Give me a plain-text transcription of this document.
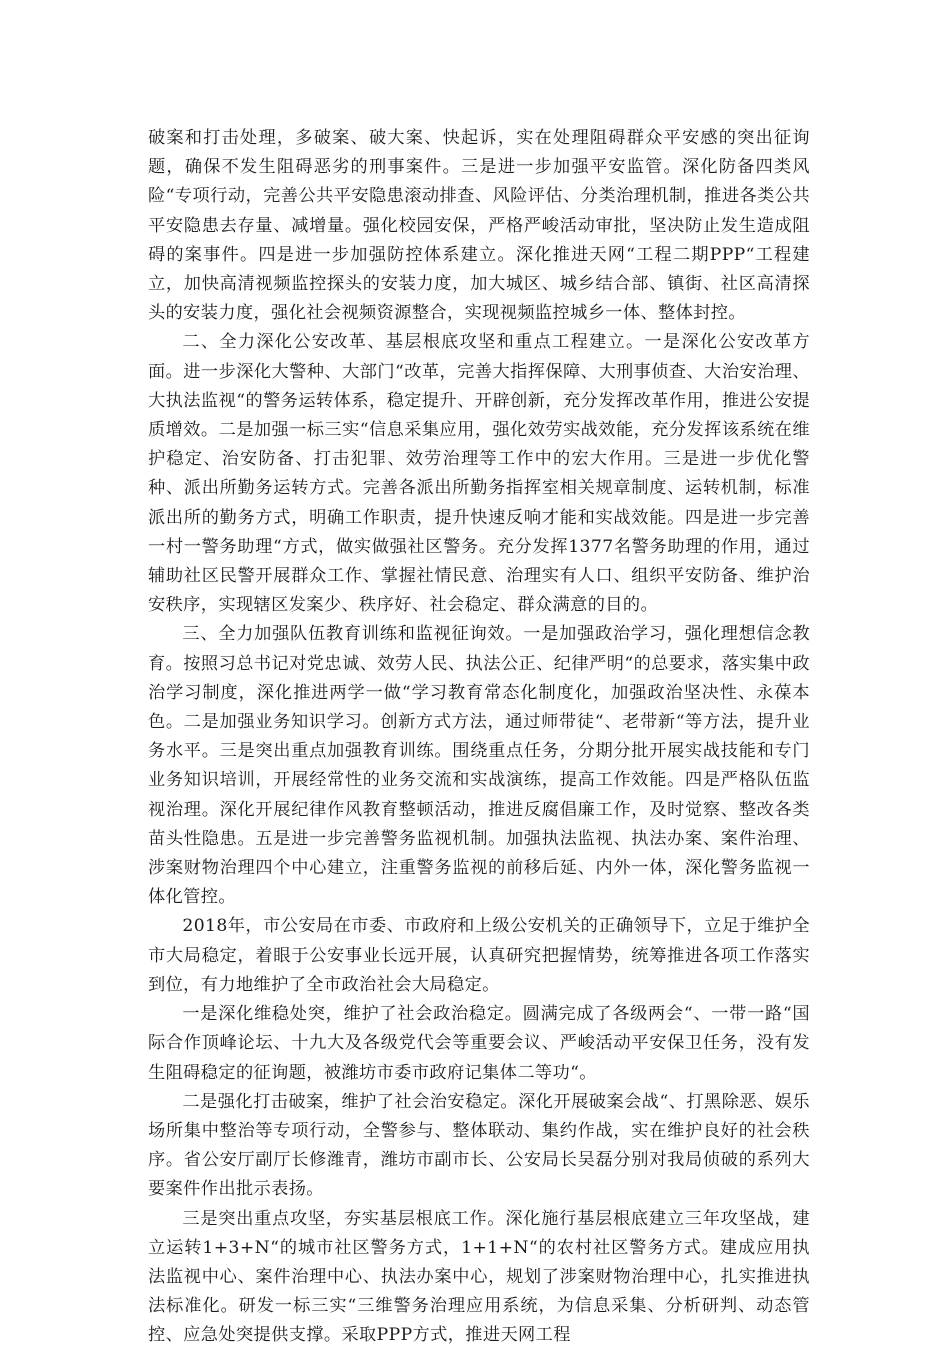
破案和打击处理，多破案、破大案、快起诉，实在处理阻碍群众平安感的突出征询题，确保不发生阻碍恶劣的刑事案件。三是进一步加强平安监管。深化防备四类风险“专项行动，完善公共平安隐患滚动排查、风险评估、分类治理机制，推进各类公共平安隐患去存量、减增量。强化校园安保，严格严峻活动审批，坚决防止发生造成阻碍的案事件。四是进一步加强防控体系建立。深化推进天网“工程二期PPP“工程建立，加快高清视频监控探头的安装力度，加大城区、城乡结合部、镇街、社区高清探头的安装力度，强化社会视频资源整合，实现视频监控城乡一体、整体封控。

二、全力深化公安改革、基层根底攻坚和重点工程建立。一是深化公安改革方面。进一步深化大警种、大部门“改革，完善大指挥保障、大刑事侦查、大治安治理、大执法监视“的警务运转体系，稳定提升、开辟创新，充分发挥改革作用，推进公安提质增效。二是加强一标三实“信息采集应用，强化效劳实战效能，充分发挥该系统在维护稳定、治安防备、打击犯罪、效劳治理等工作中的宏大作用。三是进一步优化警种、派出所勤务运转方式。完善各派出所勤务指挥室相关规章制度、运转机制，标准派出所的勤务方式，明确工作职责，提升快速反响才能和实战效能。四是进一步完善一村一警务助理“方式，做实做强社区警务。充分发挥1377名警务助理的作用，通过辅助社区民警开展群众工作、掌握社情民意、治理实有人口、组织平安防备、维护治安秩序，实现辖区发案少、秩序好、社会稳定、群众满意的目的。

三、全力加强队伍教育训练和监视征询效。一是加强政治学习，强化理想信念教育。按照习总书记对党忠诚、效劳人民、执法公正、纪律严明“的总要求，落实集中政治学习制度，深化推进两学一做“学习教育常态化制度化，加强政治坚决性、永葆本色。二是加强业务知识学习。创新方式方法，通过师带徒“、老带新“等方法，提升业务水平。三是突出重点加强教育训练。围绕重点任务，分期分批开展实战技能和专门业务知识培训，开展经常性的业务交流和实战演练，提高工作效能。四是严格队伍监视治理。深化开展纪律作风教育整顿活动，推进反腐倡廉工作，及时觉察、整改各类苗头性隐患。五是进一步完善警务监视机制。加强执法监视、执法办案、案件治理、涉案财物治理四个中心建立，注重警务监视的前移后延、内外一体，深化警务监视一体化管控。

2018年，市公安局在市委、市政府和上级公安机关的正确领导下，立足于维护全市大局稳定，着眼于公安事业长远开展，认真研究把握情势，统筹推进各项工作落实到位，有力地维护了全市政治社会大局稳定。

一是深化维稳处突，维护了社会政治稳定。圆满完成了各级两会“、一带一路“国际合作顶峰论坛、十九大及各级党代会等重要会议、严峻活动平安保卫任务，没有发生阻碍稳定的征询题，被潍坊市委市政府记集体二等功“。

二是强化打击破案，维护了社会治安稳定。深化开展破案会战“、打黑除恶、娱乐场所集中整治等专项行动，全警参与、整体联动、集约作战，实在维护良好的社会秩序。省公安厅副厅长修潍青，潍坊市副市长、公安局长吴磊分别对我局侦破的系列大要案件作出批示表扬。

三是突出重点攻坚，夯实基层根底工作。深化施行基层根底建立三年攻坚战，建立运转1+3+N“的城市社区警务方式，1+1+N“的农村社区警务方式。建成应用执法监视中心、案件治理中心、执法办案中心，规划了涉案财物治理中心，扎实推进执法标准化。研发一标三实“三维警务治理应用系统，为信息采集、分析研判、动态管控、应急处突提供支撑。采取PPP方式，推进天网工程
